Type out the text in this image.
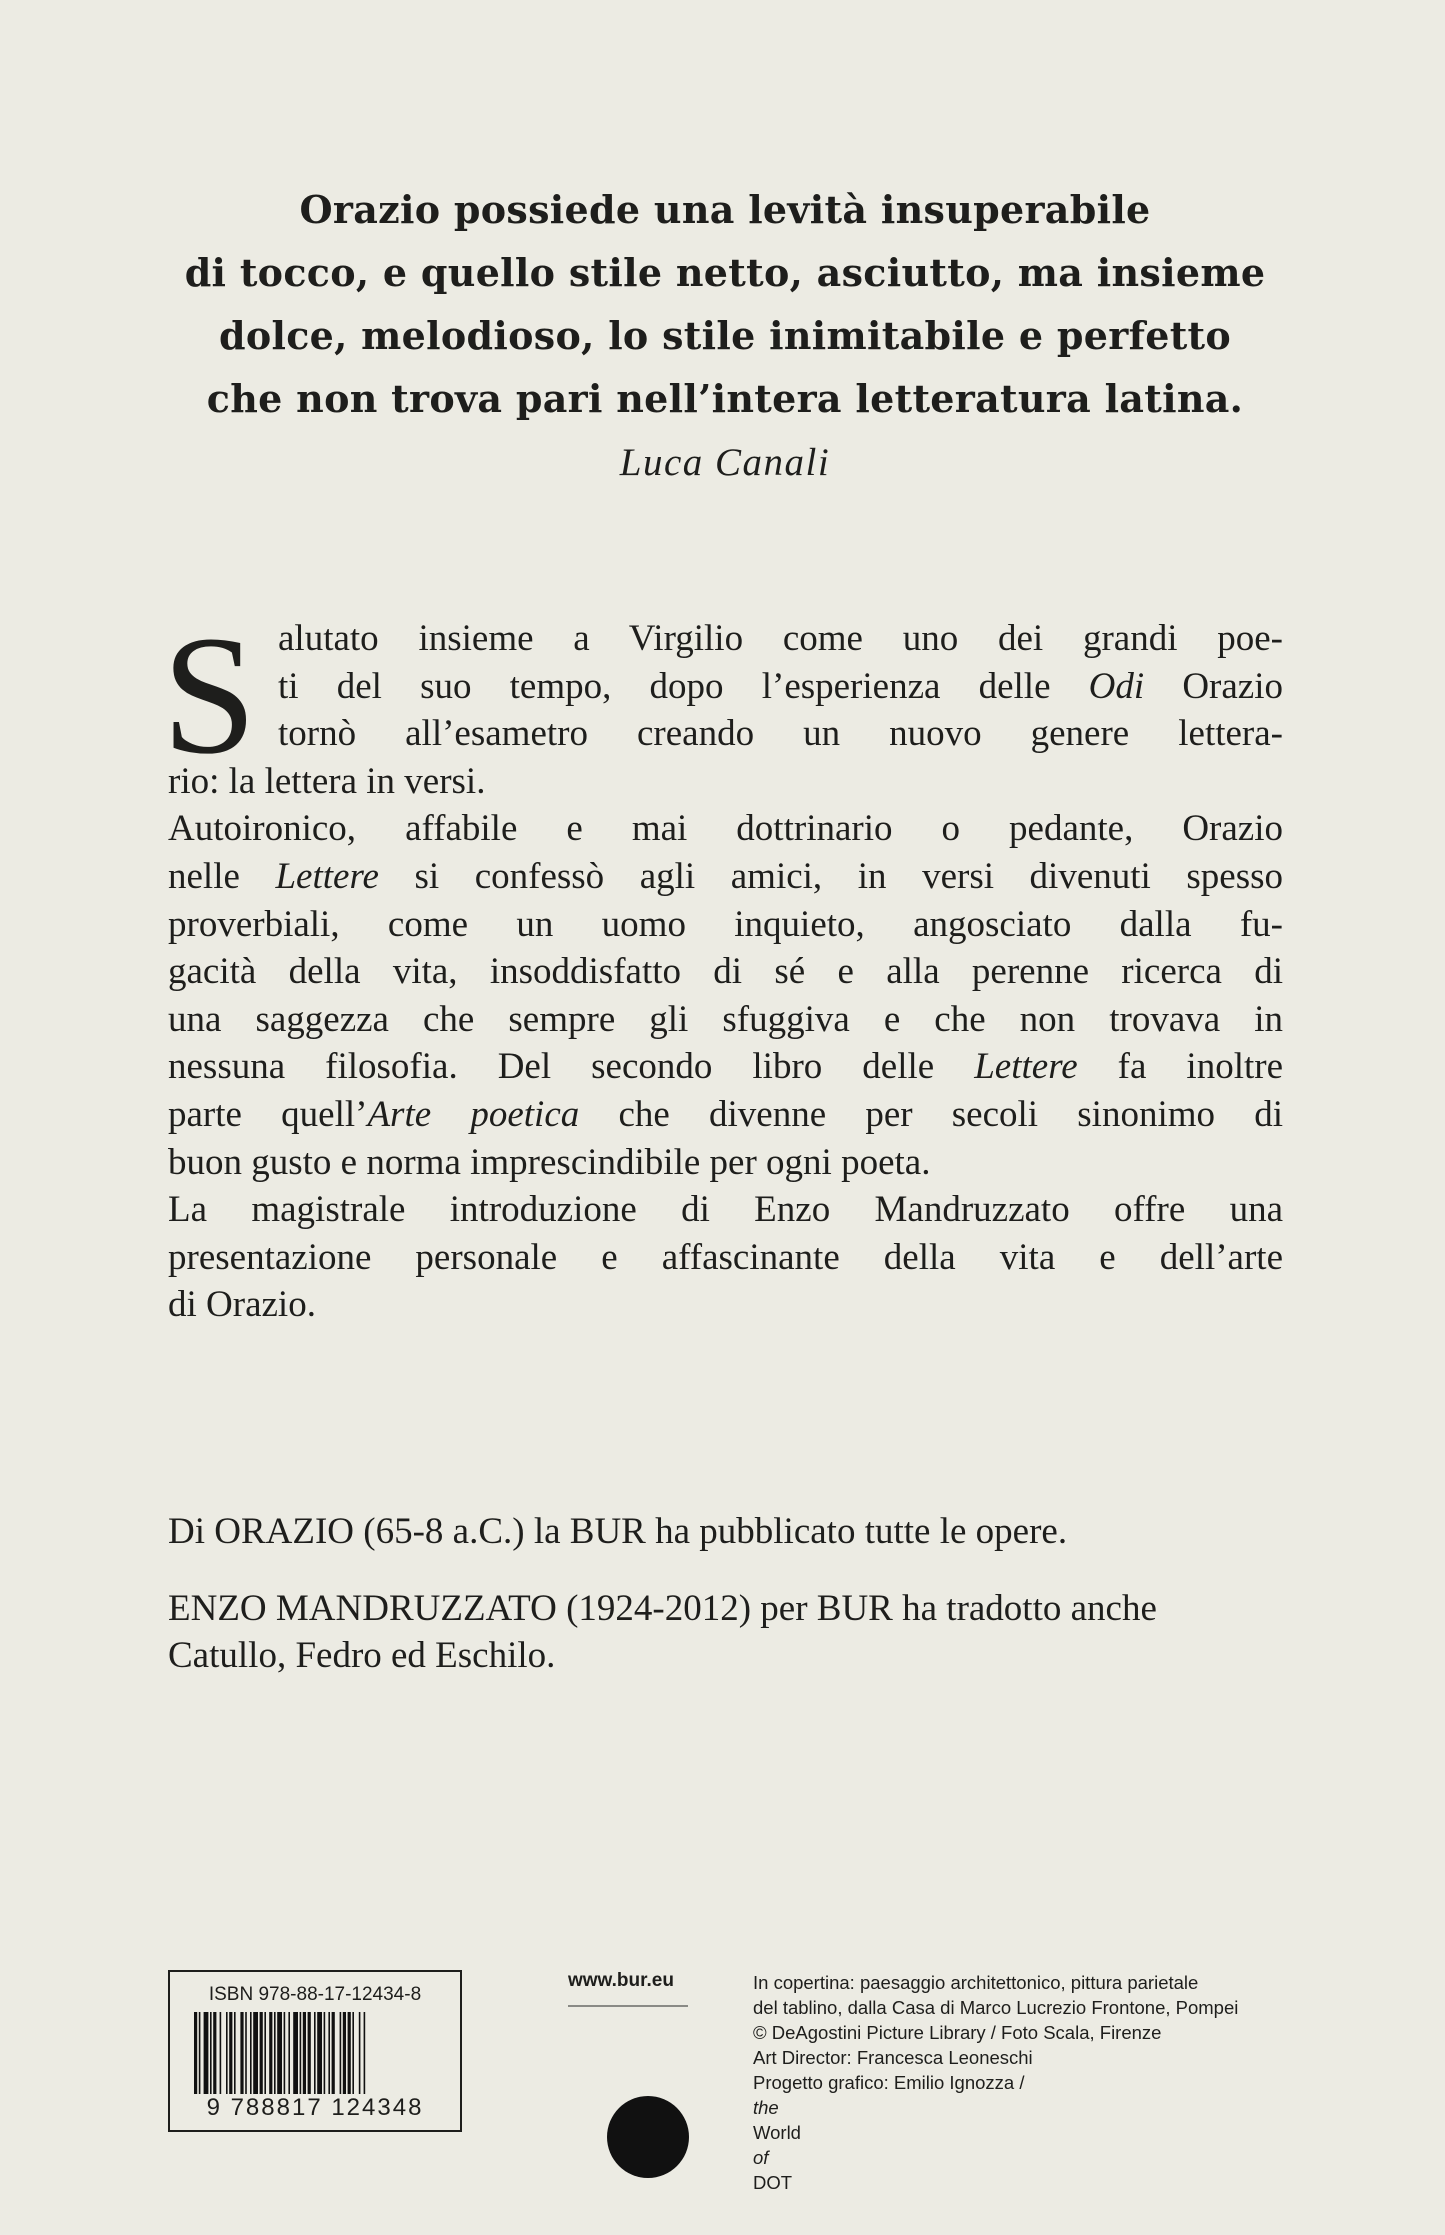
Orazio possiede una levità insuperabile
di tocco, e quello stile netto, asciutto, ma insieme
dolce, melodioso, lo stile inimitabile e perfetto
che non trova pari nell’intera letteratura latina.
Luca Canali
S alutato insieme a Virgilio come uno dei grandi poe-
ti del suo tempo, dopo l’esperienza delle Odi Orazio
tornò all’esametro creando un nuovo genere lettera-
rio: la lettera in versi.
Autoironico, affabile e mai dottrinario o pedante, Orazio
nelle Lettere si confessò agli amici, in versi divenuti spesso
proverbiali, come un uomo inquieto, angosciato dalla fu-
gacità della vita, insoddisfatto di sé e alla perenne ricerca di
una saggezza che sempre gli sfuggiva e che non trovava in
nessuna filosofia. Del secondo libro delle Lettere fa inoltre
parte quell’Arte poetica che divenne per secoli sinonimo di
buon gusto e norma imprescindibile per ogni poeta.
La magistrale introduzione di Enzo Mandruzzato offre una
presentazione personale e affascinante della vita e dell’arte
di Orazio.

Di ORAZIO (65-8 a.C.) la BUR ha pubblicato tutte le opere.

ENZO MANDRUZZATO (1924-2012) per BUR ha tradotto anche
Catullo, Fedro ed Eschilo.

ISBN 978-88-17-12434-8
9 788817 124348
www.bur.eu	In copertina: paesaggio architettonico, pittura parietale
del tablino, dalla Casa di Marco Lucrezio Frontone, Pompei
© DeAgostini Picture Library / Foto Scala, Firenze
Art Director: Francesca Leoneschi
Progetto grafico: Emilio Ignozza /
the
World
of
DOT
